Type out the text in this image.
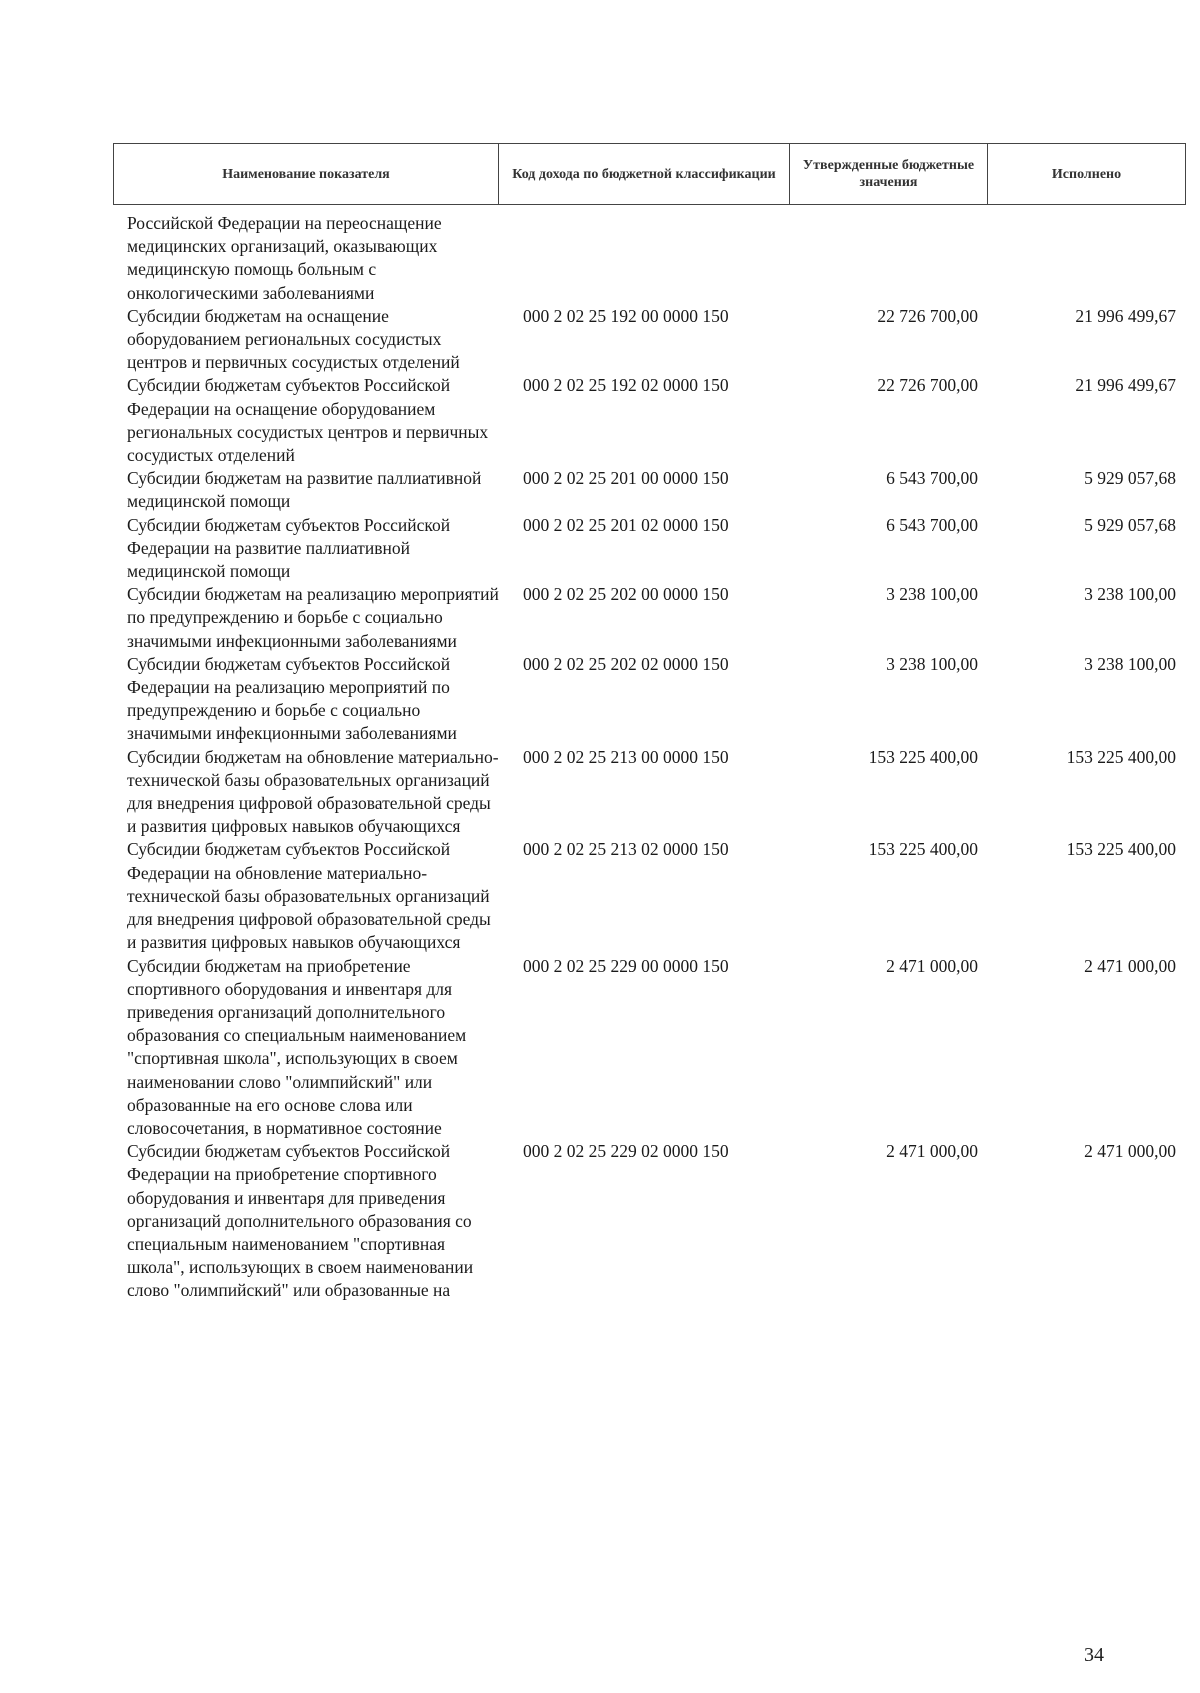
Наименование показателя	Код дохода по бюджетной классификации	Утвержденные бюджетные значения	Исполнено
Российской Федерации на переоснащение медицинских организаций, оказывающих медицинскую помощь больным с онкологическими заболеваниями			
Субсидии бюджетам на оснащение оборудованием региональных сосудистых центров и первичных сосудистых отделений	000 2 02 25 192 00 0000 150	22 726 700,00	21 996 499,67
Субсидии бюджетам субъектов Российской Федерации на оснащение оборудованием региональных сосудистых центров и первичных сосудистых отделений	000 2 02 25 192 02 0000 150	22 726 700,00	21 996 499,67
Субсидии бюджетам на развитие паллиативной медицинской помощи	000 2 02 25 201 00 0000 150	6 543 700,00	5 929 057,68
Субсидии бюджетам субъектов Российской Федерации на развитие паллиативной медицинской помощи	000 2 02 25 201 02 0000 150	6 543 700,00	5 929 057,68
Субсидии бюджетам на реализацию мероприятий по предупреждению и борьбе с социально значимыми инфекционными заболеваниями	000 2 02 25 202 00 0000 150	3 238 100,00	3 238 100,00
Субсидии бюджетам субъектов Российской Федерации на реализацию мероприятий по предупреждению и борьбе с социально значимыми инфекционными заболеваниями	000 2 02 25 202 02 0000 150	3 238 100,00	3 238 100,00
Субсидии бюджетам на обновление материально-технической базы образовательных организаций для внедрения цифровой образовательной среды и развития цифровых навыков обучающихся	000 2 02 25 213 00 0000 150	153 225 400,00	153 225 400,00
Субсидии бюджетам субъектов Российской Федерации на обновление материально-технической базы образовательных организаций для внедрения цифровой образовательной среды и развития цифровых навыков обучающихся	000 2 02 25 213 02 0000 150	153 225 400,00	153 225 400,00
Субсидии бюджетам на приобретение спортивного оборудования и инвентаря для приведения организаций дополнительного образования со специальным наименованием "спортивная школа", использующих в своем наименовании слово "олимпийский" или образованные на его основе слова или словосочетания, в нормативное состояние	000 2 02 25 229 00 0000 150	2 471 000,00	2 471 000,00
Субсидии бюджетам субъектов Российской Федерации на приобретение спортивного оборудования и инвентаря для приведения организаций дополнительного образования со специальным наименованием "спортивная школа", использующих в своем наименовании слово "олимпийский" или образованные на	000 2 02 25 229 02 0000 150	2 471 000,00	2 471 000,00
34
